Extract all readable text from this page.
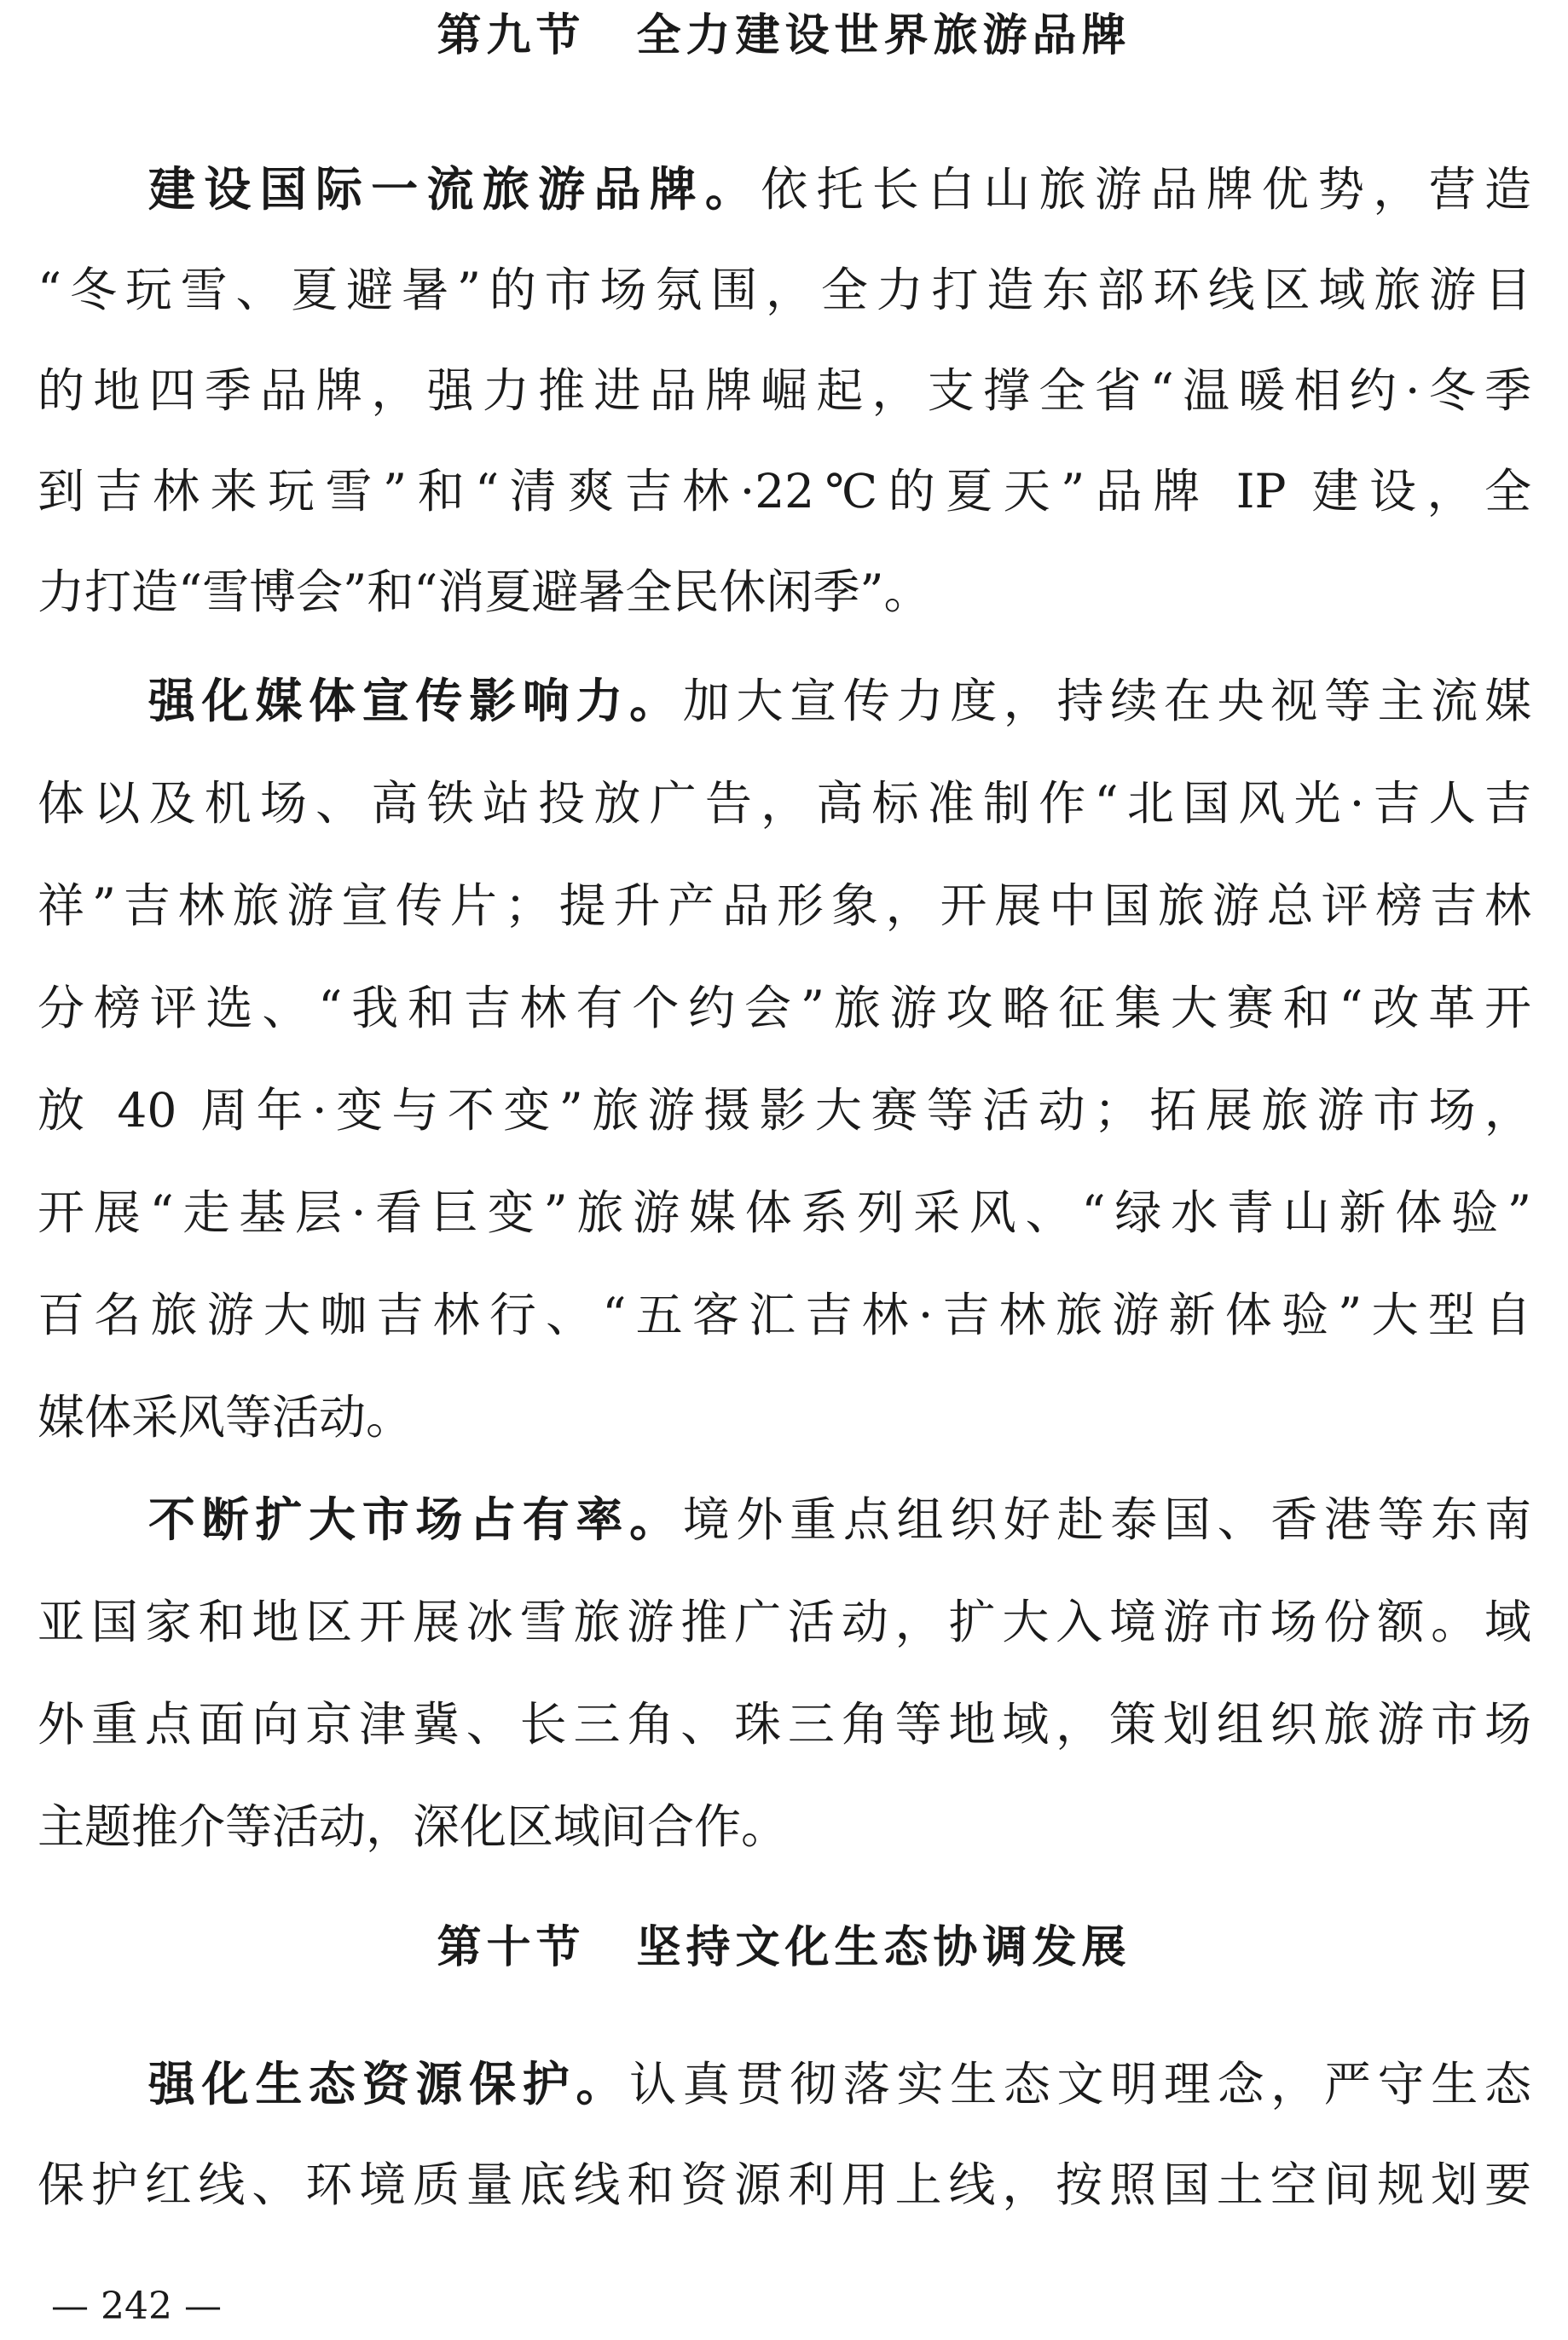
第九节 全力建设世界旅游品牌
建设国际一流旅游品牌。依托长白山旅游品牌优势，营造
“冬玩雪、夏避暑”的市场氛围，全力打造东部环线区域旅游目
的地四季品牌，强力推进品牌崛起，支撑全省“温暖相约·冬季
到吉林来玩雪”和“清爽吉林·22℃的夏天”品牌 IP 建设，全
力打造“雪博会”和“消夏避暑全民休闲季”。
强化媒体宣传影响力。加大宣传力度，持续在央视等主流媒
体以及机场、高铁站投放广告，高标准制作“北国风光·吉人吉
祥”吉林旅游宣传片；提升产品形象，开展中国旅游总评榜吉林
分榜评选、“我和吉林有个约会”旅游攻略征集大赛和“改革开
放 40 周年·变与不变”旅游摄影大赛等活动；拓展旅游市场，
开展“走基层·看巨变”旅游媒体系列采风、“绿水青山新体验”
百名旅游大咖吉林行、“五客汇吉林·吉林旅游新体验”大型自
媒体采风等活动。
不断扩大市场占有率。境外重点组织好赴泰国、香港等东南
亚国家和地区开展冰雪旅游推广活动，扩大入境游市场份额。域
外重点面向京津冀、长三角、珠三角等地域，策划组织旅游市场
主题推介等活动，深化区域间合作。
第十节 坚持文化生态协调发展
强化生态资源保护。认真贯彻落实生态文明理念，严守生态
保护红线、环境质量底线和资源利用上线，按照国土空间规划要
— 242 —
